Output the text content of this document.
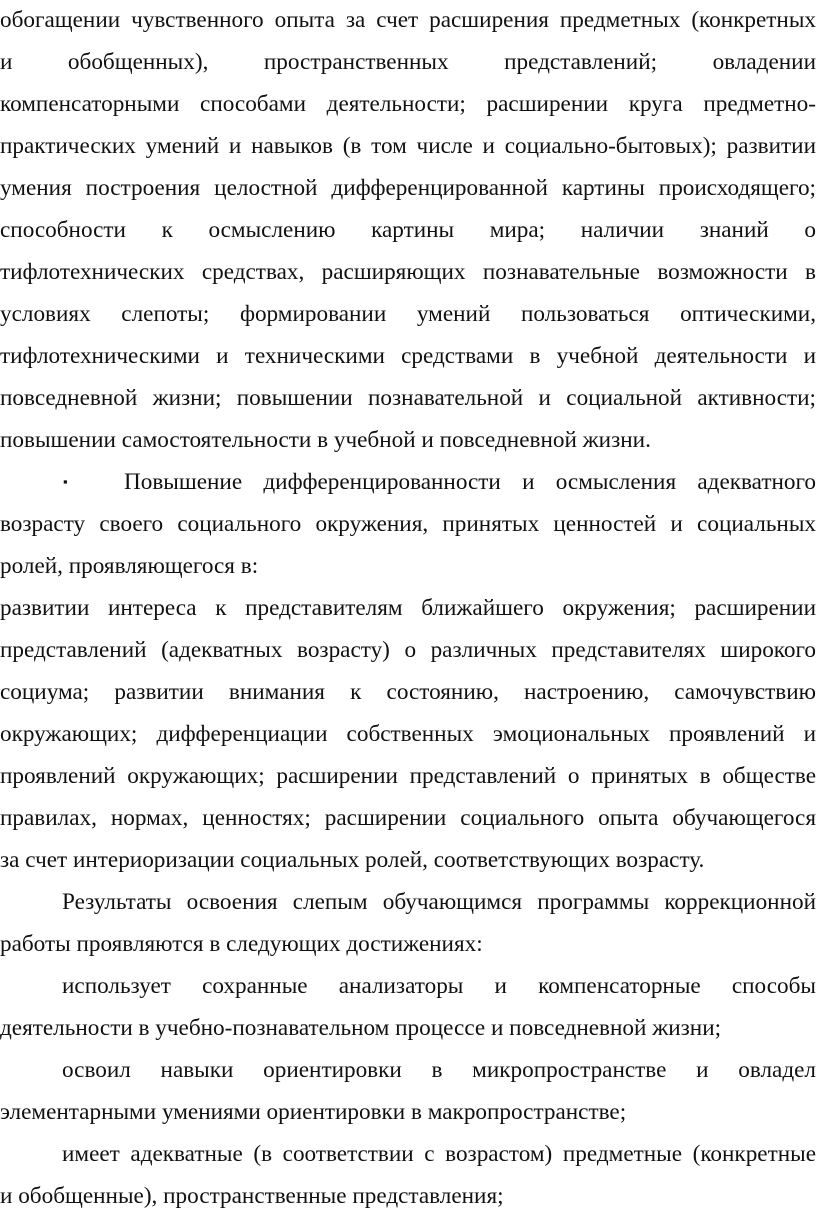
обогащении чувственного опыта за счет расширения предметных (конкретных
и обобщенных), пространственных представлений; овладении
компенсаторными способами деятельности; расширении круга предметно-
практических умений и навыков (в том числе и социально-бытовых); развитии
умения построения целостной дифференцированной картины происходящего;
способности к осмыслению картины мира; наличии знаний о
тифлотехнических средствах, расширяющих познавательные возможности в
условиях слепоты; формировании умений пользоваться оптическими,
тифлотехническими и техническими средствами в учебной деятельности и
повседневной жизни; повышении познавательной и социальной активности;
повышении самостоятельности в учебной и повседневной жизни.
▪ Повышение дифференцированности и осмысления адекватного
возрасту своего социального окружения, принятых ценностей и социальных
ролей, проявляющегося в:
развитии интереса к представителям ближайшего окружения; расширении
представлений (адекватных возрасту) о различных представителях широкого
социума; развитии внимания к состоянию, настроению, самочувствию
окружающих; дифференциации собственных эмоциональных проявлений и
проявлений окружающих; расширении представлений о принятых в обществе
правилах, нормах, ценностях; расширении социального опыта обучающегося
за счет интериоризации социальных ролей, соответствующих возрасту.
Результаты освоения слепым обучающимся программы коррекционной
работы проявляются в следующих достижениях:
использует сохранные анализаторы и компенсаторные способы
деятельности в учебно-познавательном процессе и повседневной жизни;
освоил навыки ориентировки в микропространстве и овладел
элементарными умениями ориентировки в макропространстве;
имеет адекватные (в соответствии с возрастом) предметные (конкретные
и обобщенные), пространственные представления;
